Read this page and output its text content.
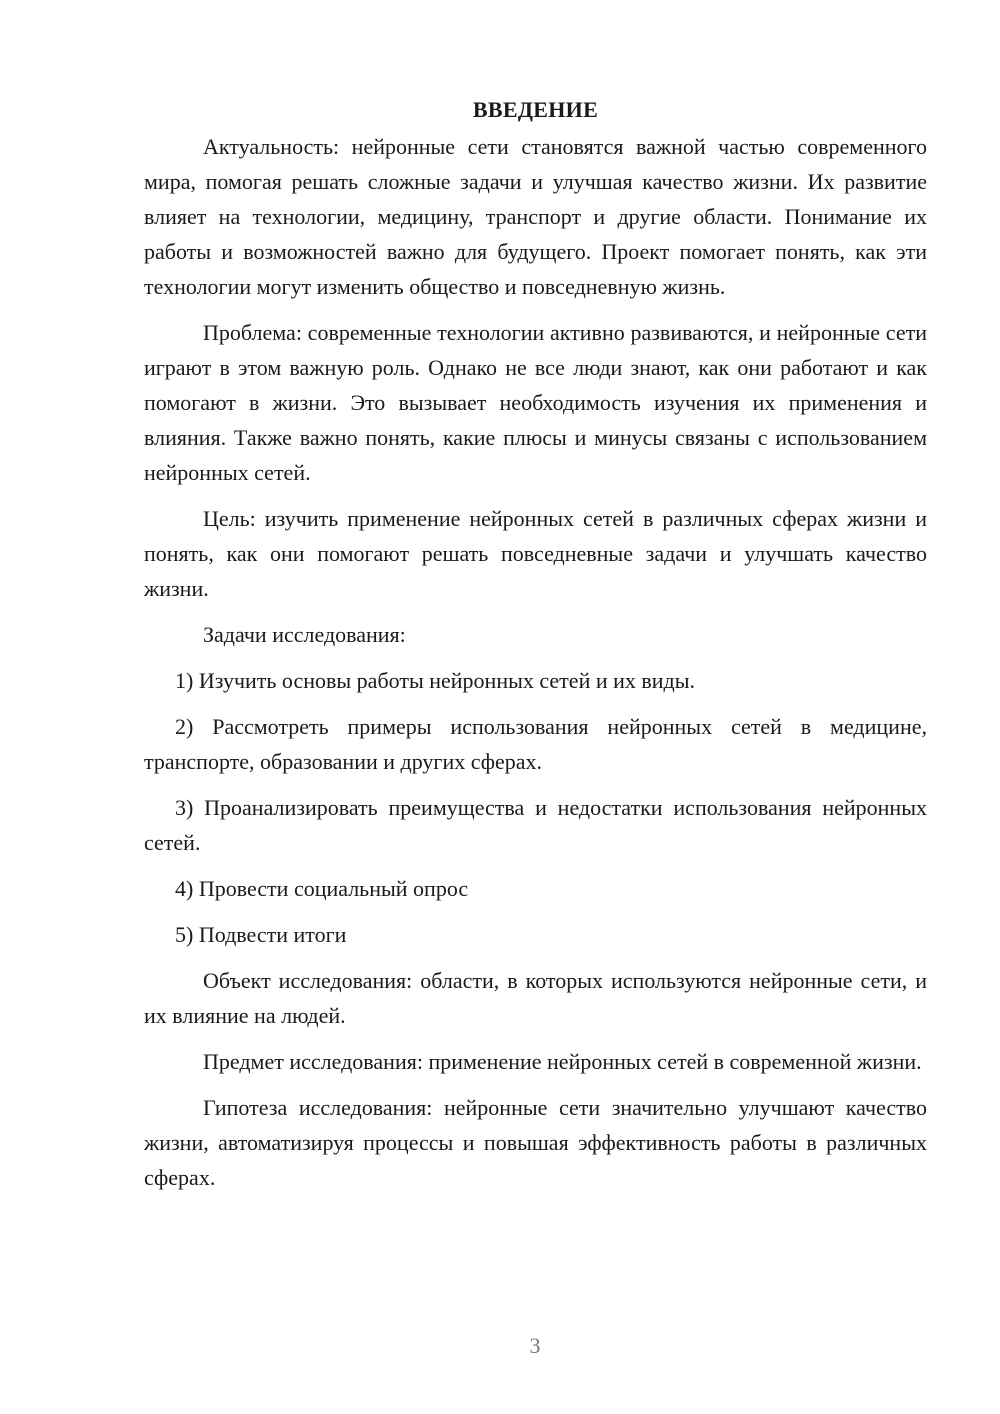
ВВЕДЕНИЕ

Актуальность: нейронные сети становятся важной частью современного мира, помогая решать сложные задачи и улучшая качество жизни. Их развитие влияет на технологии, медицину, транспорт и другие области. Понимание их работы и возможностей важно для будущего. Проект помогает понять, как эти технологии могут изменить общество и повседневную жизнь.

Проблема: современные технологии активно развиваются, и нейронные сети играют в этом важную роль. Однако не все люди знают, как они работают и как помогают в жизни. Это вызывает необходимость изучения их применения и влияния. Также важно понять, какие плюсы и минусы связаны с использованием нейронных сетей.

Цель: изучить применение нейронных сетей в различных сферах жизни и понять, как они помогают решать повседневные задачи и улучшать качество жизни.

Задачи исследования:

1) Изучить основы работы нейронных сетей и их виды.

2) Рассмотреть примеры использования нейронных сетей в медицине, транспорте, образовании и других сферах.

3) Проанализировать преимущества и недостатки использования нейронных сетей.

4) Провести социальный опрос

5) Подвести итоги

Объект исследования: области, в которых используются нейронные сети, и их влияние на людей.

Предмет исследования: применение нейронных сетей в современной жизни.

Гипотеза исследования: нейронные сети значительно улучшают качество жизни, автоматизируя процессы и повышая эффективность работы в различных сферах.

3
